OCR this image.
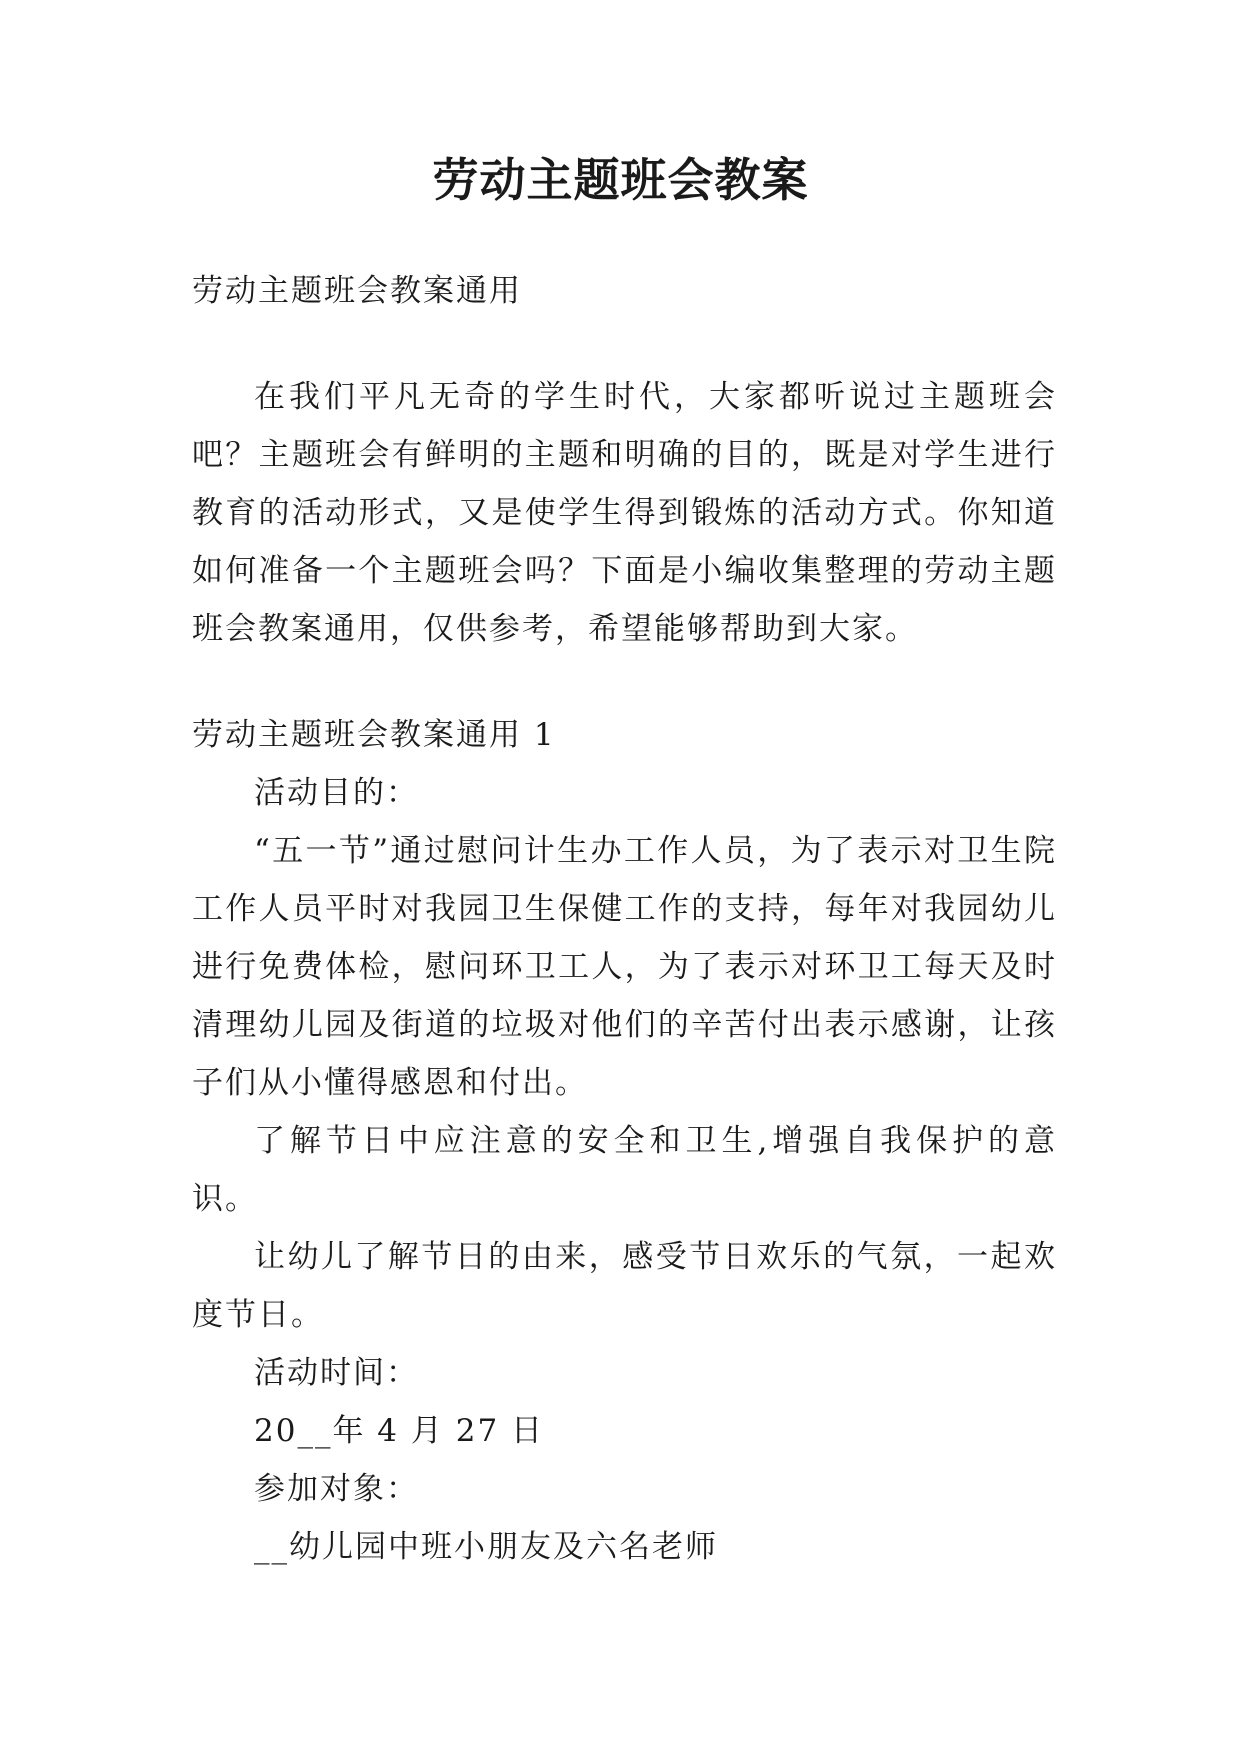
劳动主题班会教案

劳动主题班会教案通用

在我们平凡无奇的学生时代，大家都听说过主题班会吧？主题班会有鲜明的主题和明确的目的，既是对学生进行教育的活动形式，又是使学生得到锻炼的活动方式。你知道如何准备一个主题班会吗？下面是小编收集整理的劳动主题班会教案通用，仅供参考，希望能够帮助到大家。

劳动主题班会教案通用 1

活动目的：

“五一节”通过慰问计生办工作人员，为了表示对卫生院工作人员平时对我园卫生保健工作的支持，每年对我园幼儿进行免费体检，慰问环卫工人，为了表示对环卫工每天及时清理幼儿园及街道的垃圾对他们的辛苦付出表示感谢，让孩子们从小懂得感恩和付出。

了解节日中应注意的安全和卫生,增强自我保护的意识。

让幼儿了解节日的由来，感受节日欢乐的气氛，一起欢度节日。

活动时间：

20__年 4 月 27 日

参加对象：

__幼儿园中班小朋友及六名老师
